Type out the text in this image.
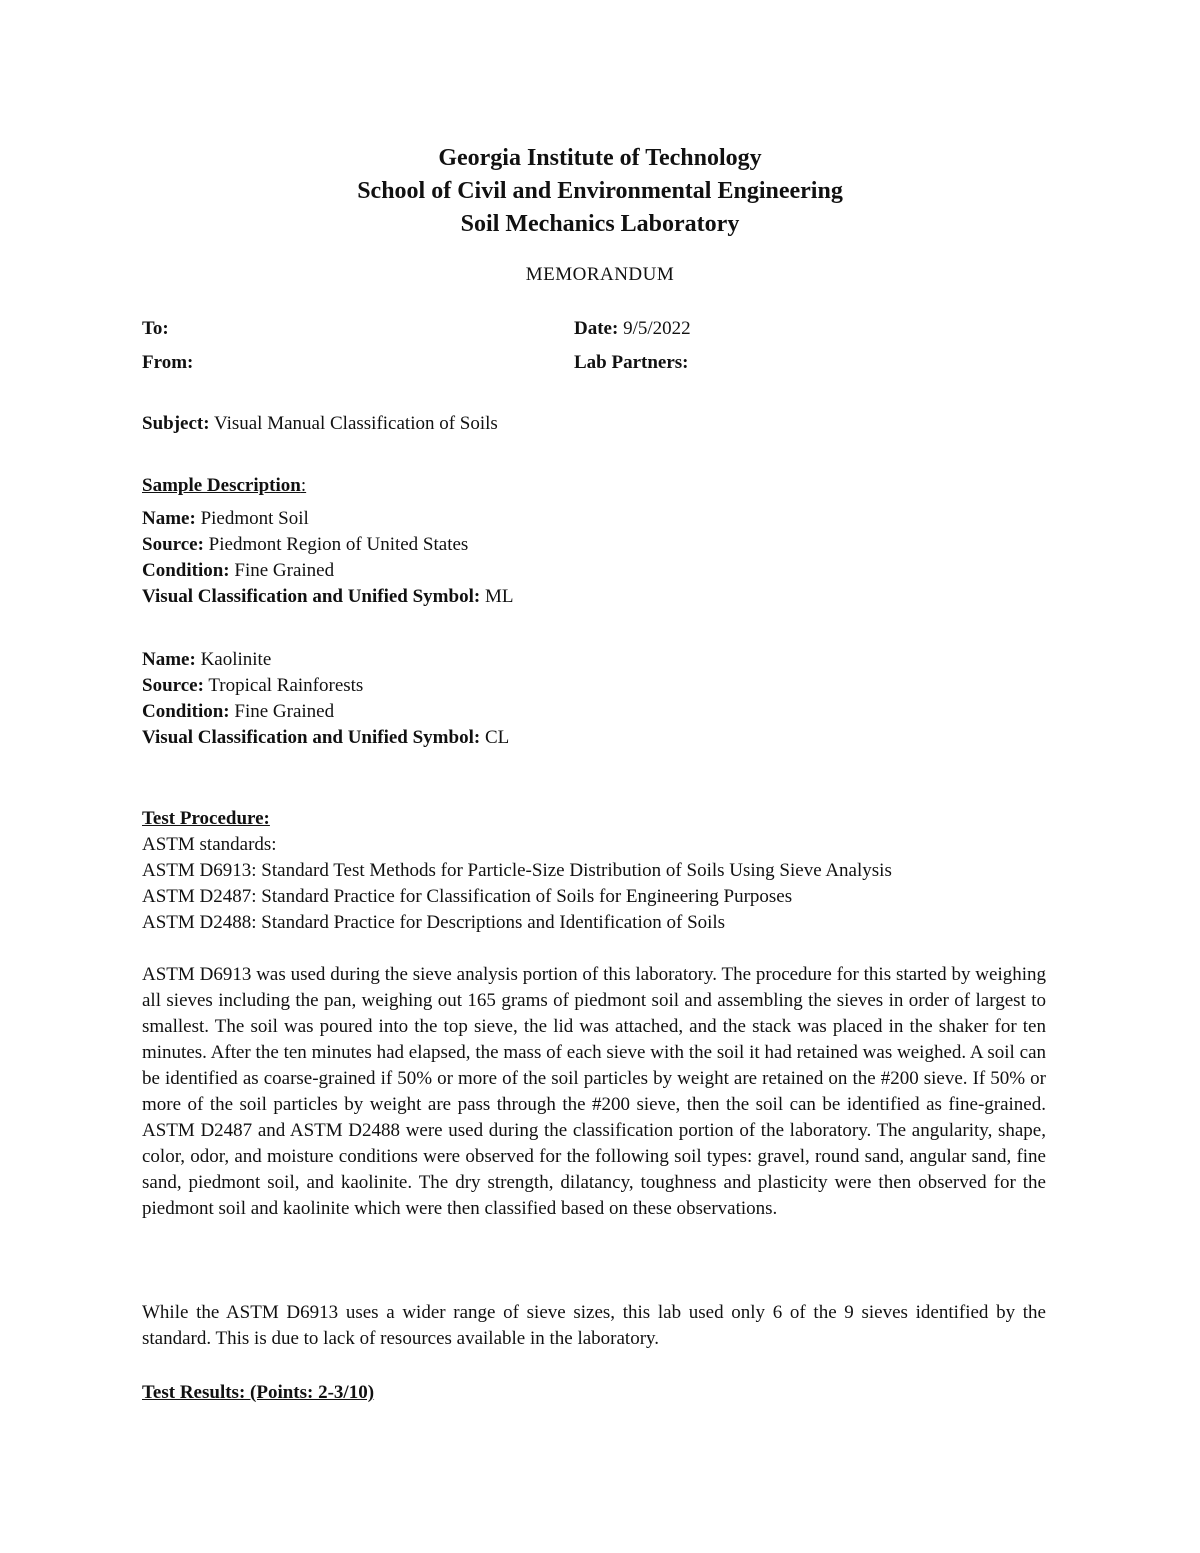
Georgia Institute of Technology
School of Civil and Environmental Engineering
Soil Mechanics Laboratory
MEMORANDUM
To:	Date: 9/5/2022
From:	Lab Partners:
Subject: Visual Manual Classification of Soils
Sample Description:
Name: Piedmont Soil
Source: Piedmont Region of United States
Condition: Fine Grained
Visual Classification and Unified Symbol: ML
Name: Kaolinite
Source: Tropical Rainforests
Condition: Fine Grained
Visual Classification and Unified Symbol: CL
Test Procedure:
ASTM standards:
ASTM D6913: Standard Test Methods for Particle-Size Distribution of Soils Using Sieve Analysis
ASTM D2487: Standard Practice for Classification of Soils for Engineering Purposes
ASTM D2488: Standard Practice for Descriptions and Identification of Soils
ASTM D6913 was used during the sieve analysis portion of this laboratory. The procedure for this started by weighing all sieves including the pan, weighing out 165 grams of piedmont soil and assembling the sieves in order of largest to smallest. The soil was poured into the top sieve, the lid was attached, and the stack was placed in the shaker for ten minutes. After the ten minutes had elapsed, the mass of each sieve with the soil it had retained was weighed. A soil can be identified as coarse-grained if 50% or more of the soil particles by weight are retained on the #200 sieve. If 50% or more of the soil particles by weight are pass through the #200 sieve, then the soil can be identified as fine-grained. ASTM D2487 and ASTM D2488 were used during the classification portion of the laboratory. The angularity, shape, color, odor, and moisture conditions were observed for the following soil types: gravel, round sand, angular sand, fine sand, piedmont soil, and kaolinite. The dry strength, dilatancy, toughness and plasticity were then observed for the piedmont soil and kaolinite which were then classified based on these observations.
While the ASTM D6913 uses a wider range of sieve sizes, this lab used only 6 of the 9 sieves identified by the standard. This is due to lack of resources available in the laboratory.
Test Results: (Points: 2-3/10)
